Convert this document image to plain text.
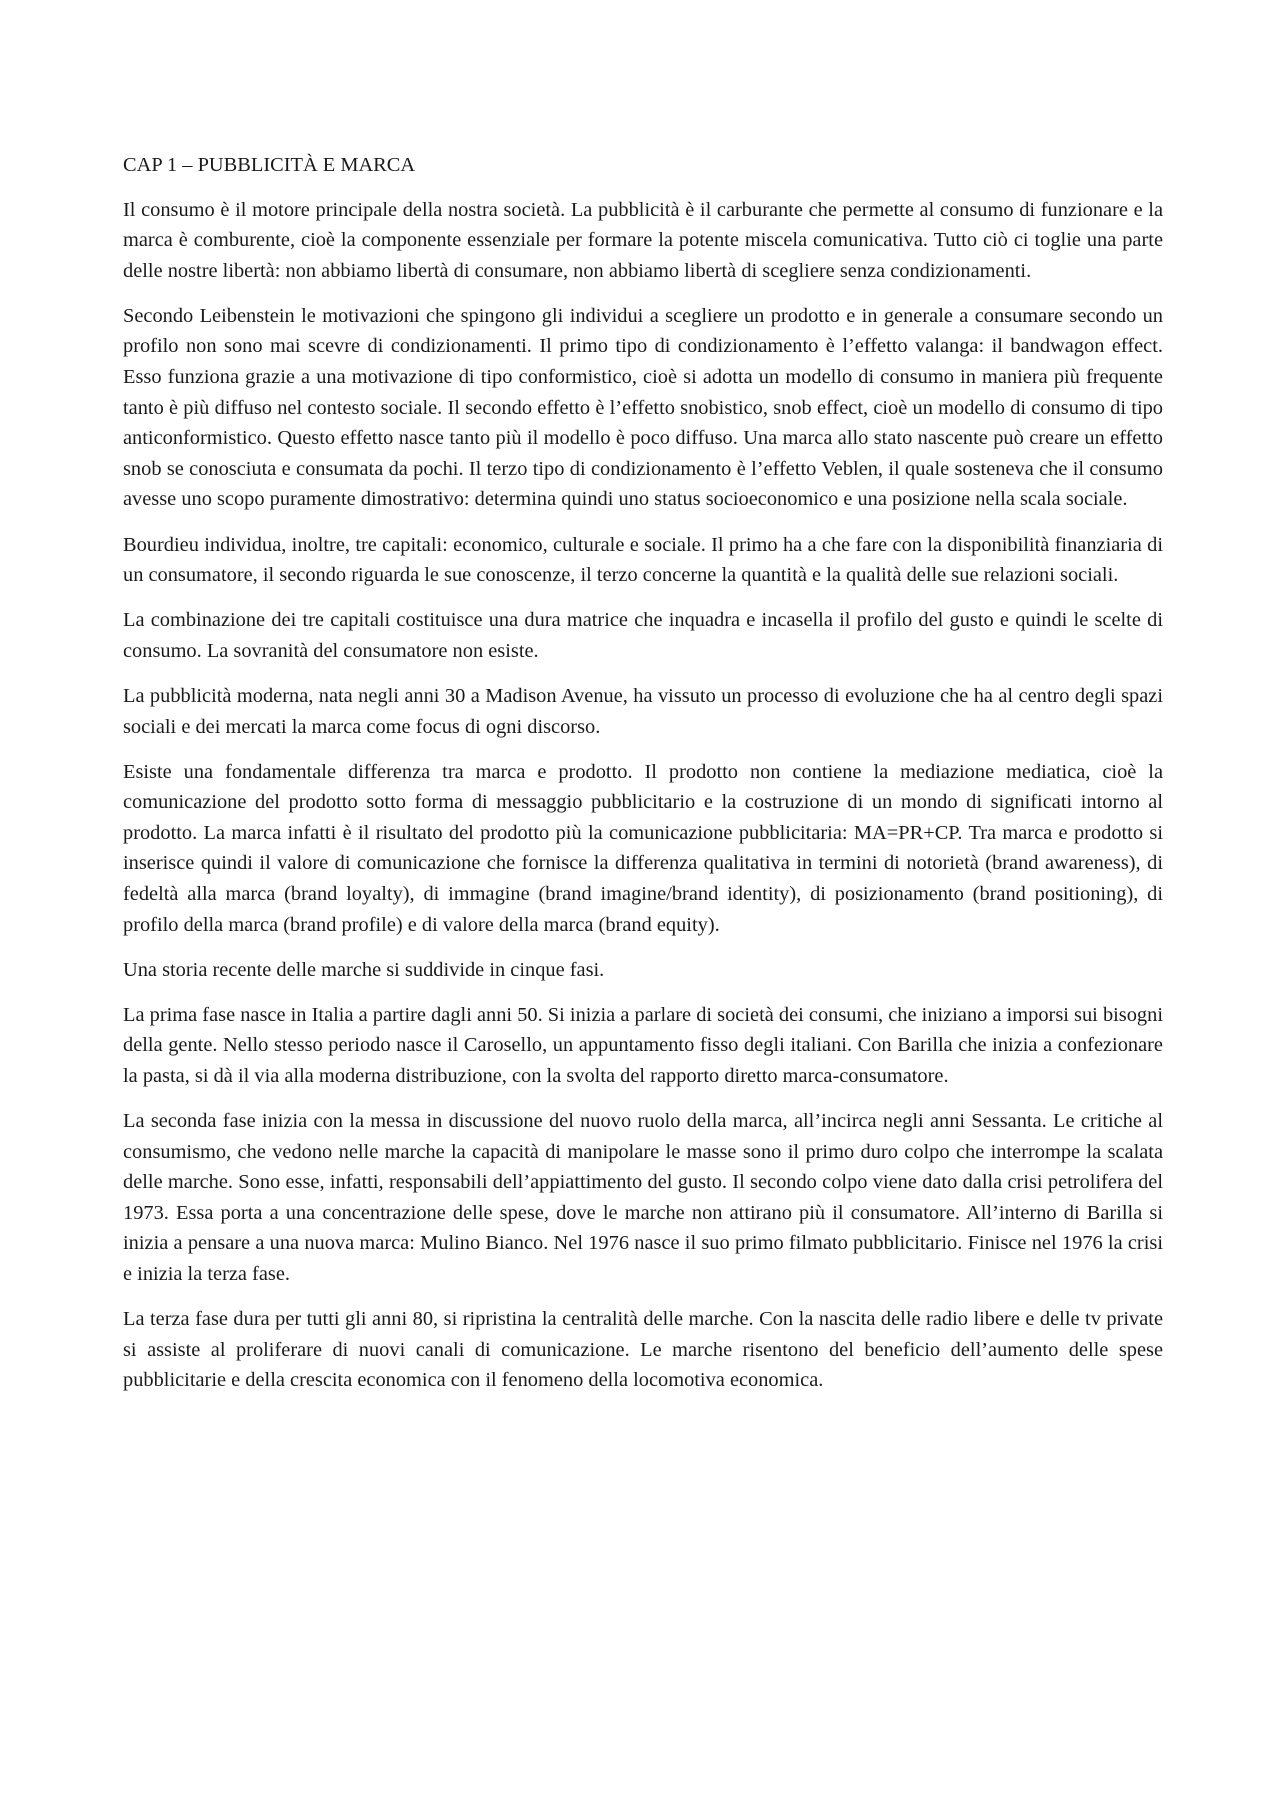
CAP 1 – PUBBLICITÀ E MARCA

Il consumo è il motore principale della nostra società. La pubblicità è il carburante che permette al consumo di funzionare e la marca è comburente, cioè la componente essenziale per formare la potente miscela comunicativa. Tutto ciò ci toglie una parte delle nostre libertà: non abbiamo libertà di consumare, non abbiamo libertà di scegliere senza condizionamenti.

Secondo Leibenstein le motivazioni che spingono gli individui a scegliere un prodotto e in generale a consumare secondo un profilo non sono mai scevre di condizionamenti. Il primo tipo di condizionamento è l’effetto valanga: il bandwagon effect. Esso funziona grazie a una motivazione di tipo conformistico, cioè si adotta un modello di consumo in maniera più frequente tanto è più diffuso nel contesto sociale. Il secondo effetto è l’effetto snobistico, snob effect, cioè un modello di consumo di tipo anticonformistico. Questo effetto nasce tanto più il modello è poco diffuso. Una marca allo stato nascente può creare un effetto snob se conosciuta e consumata da pochi. Il terzo tipo di condizionamento è l’effetto Veblen, il quale sosteneva che il consumo avesse uno scopo puramente dimostrativo: determina quindi uno status socioeconomico e una posizione nella scala sociale.

Bourdieu individua, inoltre, tre capitali: economico, culturale e sociale. Il primo ha a che fare con la disponibilità finanziaria di un consumatore, il secondo riguarda le sue conoscenze, il terzo concerne la quantità e la qualità delle sue relazioni sociali.

La combinazione dei tre capitali costituisce una dura matrice che inquadra e incasella il profilo del gusto e quindi le scelte di consumo. La sovranità del consumatore non esiste.

La pubblicità moderna, nata negli anni 30 a Madison Avenue, ha vissuto un processo di evoluzione che ha al centro degli spazi sociali e dei mercati la marca come focus di ogni discorso.

Esiste una fondamentale differenza tra marca e prodotto. Il prodotto non contiene la mediazione mediatica, cioè la comunicazione del prodotto sotto forma di messaggio pubblicitario e la costruzione di un mondo di significati intorno al prodotto. La marca infatti è il risultato del prodotto più la comunicazione pubblicitaria: MA=PR+CP. Tra marca e prodotto si inserisce quindi il valore di comunicazione che fornisce la differenza qualitativa in termini di notorietà (brand awareness), di fedeltà alla marca (brand loyalty), di immagine (brand imagine/brand identity), di posizionamento (brand positioning), di profilo della marca (brand profile) e di valore della marca (brand equity).

Una storia recente delle marche si suddivide in cinque fasi.

La prima fase nasce in Italia a partire dagli anni 50. Si inizia a parlare di società dei consumi, che iniziano a imporsi sui bisogni della gente. Nello stesso periodo nasce il Carosello, un appuntamento fisso degli italiani. Con Barilla che inizia a confezionare la pasta, si dà il via alla moderna distribuzione, con la svolta del rapporto diretto marca-consumatore.

La seconda fase inizia con la messa in discussione del nuovo ruolo della marca, all’incirca negli anni Sessanta. Le critiche al consumismo, che vedono nelle marche la capacità di manipolare le masse sono il primo duro colpo che interrompe la scalata delle marche. Sono esse, infatti, responsabili dell’appiattimento del gusto. Il secondo colpo viene dato dalla crisi petrolifera del 1973. Essa porta a una concentrazione delle spese, dove le marche non attirano più il consumatore. All’interno di Barilla si inizia a pensare a una nuova marca: Mulino Bianco. Nel 1976 nasce il suo primo filmato pubblicitario. Finisce nel 1976 la crisi e inizia la terza fase.

La terza fase dura per tutti gli anni 80, si ripristina la centralità delle marche. Con la nascita delle radio libere e delle tv private si assiste al proliferare di nuovi canali di comunicazione. Le marche risentono del beneficio dell’aumento delle spese pubblicitarie e della crescita economica con il fenomeno della locomotiva economica.
